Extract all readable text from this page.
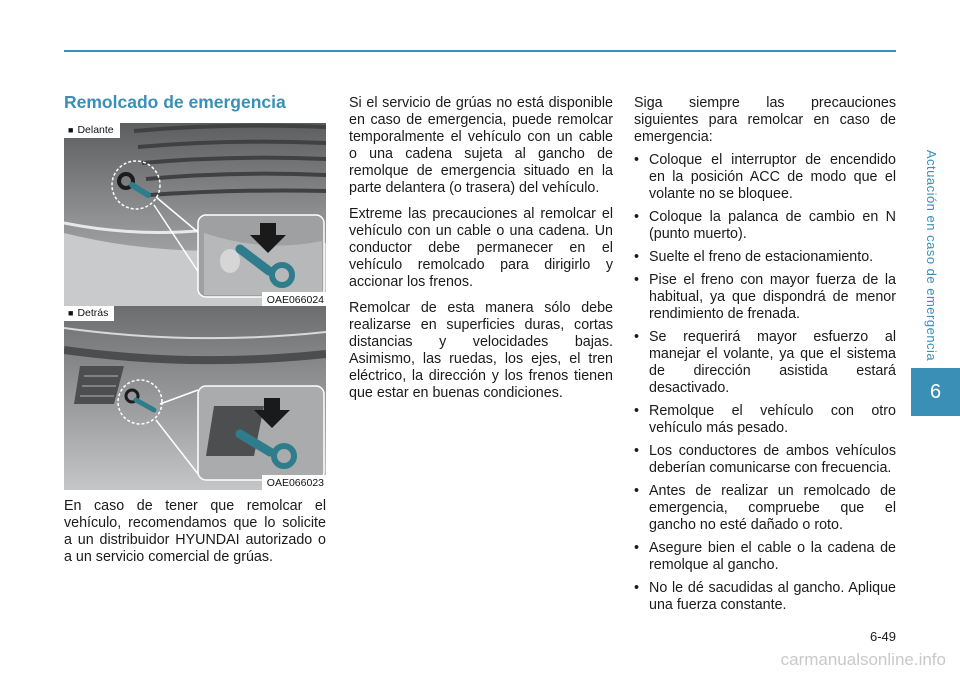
Remolcado de emergencia
■ Delante
OAE066024
■ Detrás
OAE066023

En caso de tener que remolcar el vehículo, recomendamos que lo solicite a un distribuidor HYUNDAI autorizado o a un servicio comercial de grúas.

Si el servicio de grúas no está disponible en caso de emergencia, puede remolcar temporalmente el vehículo con un cable o una cadena sujeta al gancho de remolque de emergencia situado en la parte delantera (o trasera) del vehículo.

Extreme las precauciones al remolcar el vehículo con un cable o una cadena. Un conductor debe permanecer en el vehículo remolcado para dirigirlo y accionar los frenos.

Remolcar de esta manera sólo debe realizarse en superficies duras, cortas distancias y velocidades bajas. Asimismo, las ruedas, los ejes, el tren eléctrico, la dirección y los frenos tienen que estar en buenas condiciones.

Siga siempre las precauciones siguientes para remolcar en caso de emergencia:

• Coloque el interruptor de encendido en la posición ACC de modo que el volante no se bloquee.
• Coloque la palanca de cambio en N (punto muerto).
• Suelte el freno de estacionamiento.
• Pise el freno con mayor fuerza de la habitual, ya que dispondrá de menor rendimiento de frenada.
• Se requerirá mayor esfuerzo al manejar el volante, ya que el sistema de dirección asistida estará desactivado.
• Remolque el vehículo con otro vehículo más pesado.
• Los conductores de ambos vehículos deberían comunicarse con frecuencia.
• Antes de realizar un remolcado de emergencia, compruebe que el gancho no esté dañado o roto.
• Asegure bien el cable o la cadena de remolque al gancho.
• No le dé sacudidas al gancho. Aplique una fuerza constante.
Actuación en caso de emergencia
6
6-49
carmanualsonline.info
